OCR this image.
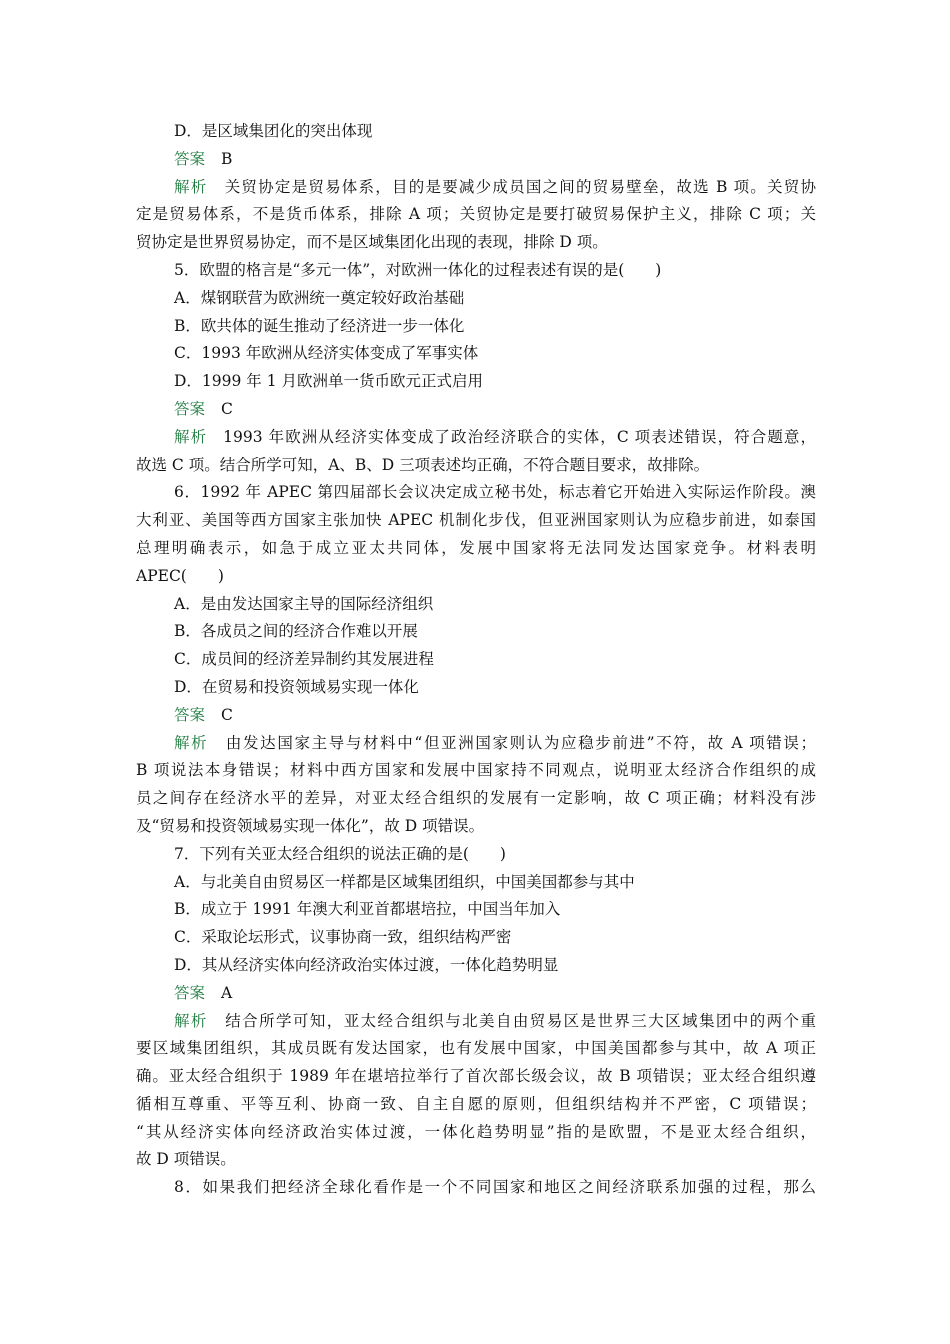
D．是区域集团化的突出体现
答案 B
解析 关贸协定是贸易体系，目的是要减少成员国之间的贸易壁垒，故选 B 项。关贸协
定是贸易体系，不是货币体系，排除 A 项；关贸协定是要打破贸易保护主义，排除 C 项；关
贸协定是世界贸易协定，而不是区域集团化出现的表现，排除 D 项。
5．欧盟的格言是“多元一体”，对欧洲一体化的过程表述有误的是(　　)
A．煤钢联营为欧洲统一奠定较好政治基础
B．欧共体的诞生推动了经济进一步一体化
C．1993 年欧洲从经济实体变成了军事实体
D．1999 年 1 月欧洲单一货币欧元正式启用
答案 C
解析 1993 年欧洲从经济实体变成了政治经济联合的实体，C 项表述错误，符合题意，
故选 C 项。结合所学可知，A、B、D 三项表述均正确，不符合题目要求，故排除。
6．1992 年 APEC 第四届部长会议决定成立秘书处，标志着它开始进入实际运作阶段。澳
大利亚、美国等西方国家主张加快 APEC 机制化步伐，但亚洲国家则认为应稳步前进，如泰国
总理明确表示，如急于成立亚太共同体，发展中国家将无法同发达国家竞争。材料表明
APEC(　　)
A．是由发达国家主导的国际经济组织
B．各成员之间的经济合作难以开展
C．成员间的经济差异制约其发展进程
D．在贸易和投资领域易实现一体化
答案 C
解析 由发达国家主导与材料中“但亚洲国家则认为应稳步前进”不符，故 A 项错误；
B 项说法本身错误；材料中西方国家和发展中国家持不同观点，说明亚太经济合作组织的成
员之间存在经济水平的差异，对亚太经合组织的发展有一定影响，故 C 项正确；材料没有涉
及“贸易和投资领域易实现一体化”，故 D 项错误。
7．下列有关亚太经合组织的说法正确的是(　　)
A．与北美自由贸易区一样都是区域集团组织，中国美国都参与其中
B．成立于 1991 年澳大利亚首都堪培拉，中国当年加入
C．采取论坛形式，议事协商一致，组织结构严密
D．其从经济实体向经济政治实体过渡，一体化趋势明显
答案 A
解析 结合所学可知，亚太经合组织与北美自由贸易区是世界三大区域集团中的两个重
要区域集团组织，其成员既有发达国家，也有发展中国家，中国美国都参与其中，故 A 项正
确。亚太经合组织于 1989 年在堪培拉举行了首次部长级会议，故 B 项错误；亚太经合组织遵
循相互尊重、平等互利、协商一致、自主自愿的原则，但组织结构并不严密，C 项错误；
“其从经济实体向经济政治实体过渡，一体化趋势明显”指的是欧盟，不是亚太经合组织，
故 D 项错误。
8．如果我们把经济全球化看作是一个不同国家和地区之间经济联系加强的过程，那么
